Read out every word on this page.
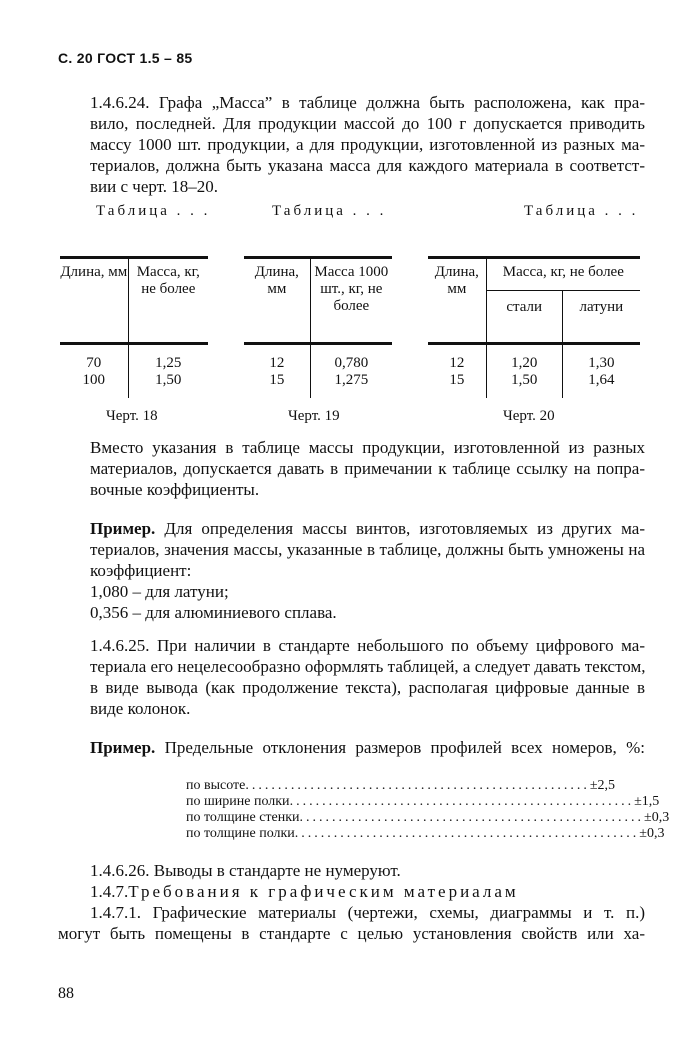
С. 20 ГОСТ 1.5 – 85
1.4.6.24. Графа „Масса” в таблице должна быть расположена, как пра-
вило, последней. Для продукции массой до 100 г допускается приводить
массу 1000 шт. продукции, а для продукции, изготовленной из разных ма-
териалов, должна быть указана масса для каждого материала в соответст-
вии с черт. 18–20.
Таблица . . .	Таблица . . .	Таблица . . .
Длина, мм	Масса, кг, не более
70	1,25
100	1,50
Длина, мм	Масса 1000 шт., кг, не более
12	0,780
15	1,275
Длина, мм	Масса, кг, не более	
	стали	латуни
12	1,20	1,30
15	1,50	1,64
Черт. 18	Черт. 19	Черт. 20
Вместо указания в таблице массы продукции, изготовленной из разных
материалов, допускается давать в примечании к таблице ссылку на попра-
вочные коэффициенты.
Пример. Для определения массы винтов, изготовляемых из других ма-
териалов, значения массы, указанные в таблице, должны быть умножены на
коэффициент:
1,080 – для латуни;
0,356 – для алюминиевого сплава.
1.4.6.25. При наличии в стандарте небольшого по объему цифрового ма-
териала его нецелесообразно оформлять таблицей, а следует давать текстом,
в виде вывода (как продолжение текста), располагая цифровые данные в
виде колонок.
Пример. Предельные отклонения размеров профилей всех номеров, %:
по высоте ..................................................... ±2,5
по ширине полки ..................................................... ±1,5
по толщине стенки ..................................................... ±0,3
по толщине полки ..................................................... ±0,3
1.4.6.26. Выводы в стандарте не нумеруют.
1.4.7.Требования к графическим материалам
1.4.7.1. Графические материалы (чертежи, схемы, диаграммы и т. п.)
могут быть помещены в стандарте с целью установления свойств или ха-
88
